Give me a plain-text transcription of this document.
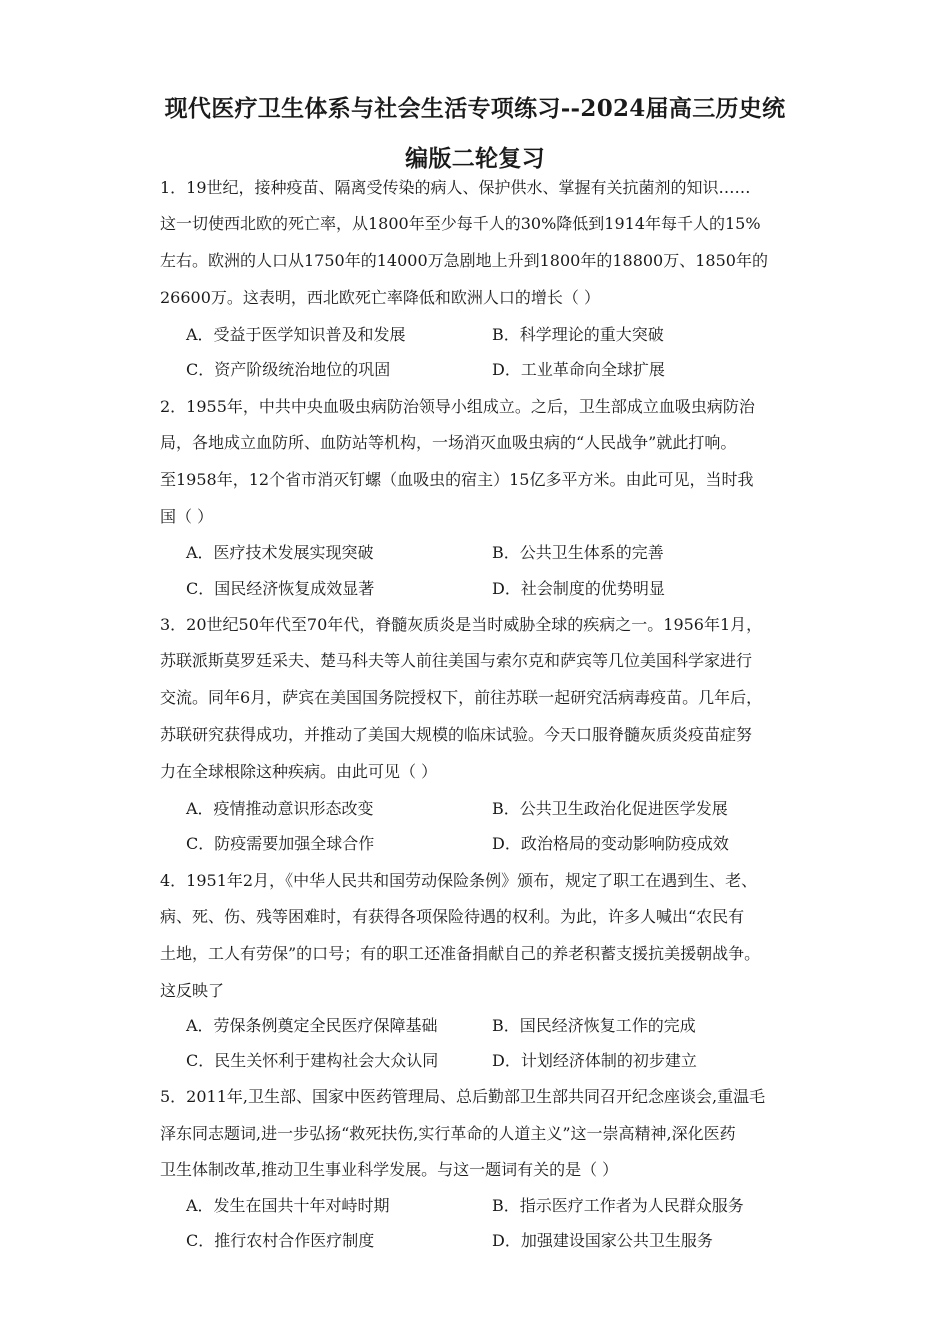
现代医疗卫生体系与社会生活专项练习--2024届高三历史统
编版二轮复习
1．19世纪，接种疫苗、隔离受传染的病人、保护供水、掌握有关抗菌剂的知识……
这一切使西北欧的死亡率，从1800年至少每千人的30%降低到1914年每千人的15%
左右。欧洲的人口从1750年的14000万急剧地上升到1800年的18800万、1850年的
26600万。这表明，西北欧死亡率降低和欧洲人口的增长（ ）
A．受益于医学知识普及和发展	B．科学理论的重大突破
C．资产阶级统治地位的巩固	D．工业革命向全球扩展
2．1955年，中共中央血吸虫病防治领导小组成立。之后，卫生部成立血吸虫病防治
局，各地成立血防所、血防站等机构，一场消灭血吸虫病的“人民战争”就此打响。
至1958年，12个省市消灭钉螺（血吸虫的宿主）15亿多平方米。由此可见，当时我
国（ ）
A．医疗技术发展实现突破	B．公共卫生体系的完善
C．国民经济恢复成效显著	D．社会制度的优势明显
3．20世纪50年代至70年代，脊髓灰质炎是当时威胁全球的疾病之一。1956年1月，
苏联派斯莫罗廷采夫、楚马科夫等人前往美国与索尔克和萨宾等几位美国科学家进行
交流。同年6月，萨宾在美国国务院授权下，前往苏联一起研究活病毒疫苗。几年后，
苏联研究获得成功，并推动了美国大规模的临床试验。今天口服脊髓灰质炎疫苗症努
力在全球根除这种疾病。由此可见（ ）
A．疫情推动意识形态改变	B．公共卫生政治化促进医学发展
C．防疫需要加强全球合作	D．政治格局的变动影响防疫成效
4．1951年2月，《中华人民共和国劳动保险条例》颁布，规定了职工在遇到生、老、
病、死、伤、残等困难时，有获得各项保险待遇的权利。为此，许多人喊出“农民有
土地，工人有劳保”的口号；有的职工还准备捐献自己的养老积蓄支援抗美援朝战争。
这反映了
A．劳保条例奠定全民医疗保障基础	B．国民经济恢复工作的完成
C．民生关怀利于建构社会大众认同	D．计划经济体制的初步建立
5．2011年,卫生部、国家中医药管理局、总后勤部卫生部共同召开纪念座谈会,重温毛
泽东同志题词,进一步弘扬“救死扶伤,实行革命的人道主义”这一崇高精神,深化医药
卫生体制改革,推动卫生事业科学发展。与这一题词有关的是（ ）
A．发生在国共十年对峙时期	B．指示医疗工作者为人民群众服务
C．推行农村合作医疗制度	D．加强建设国家公共卫生服务
